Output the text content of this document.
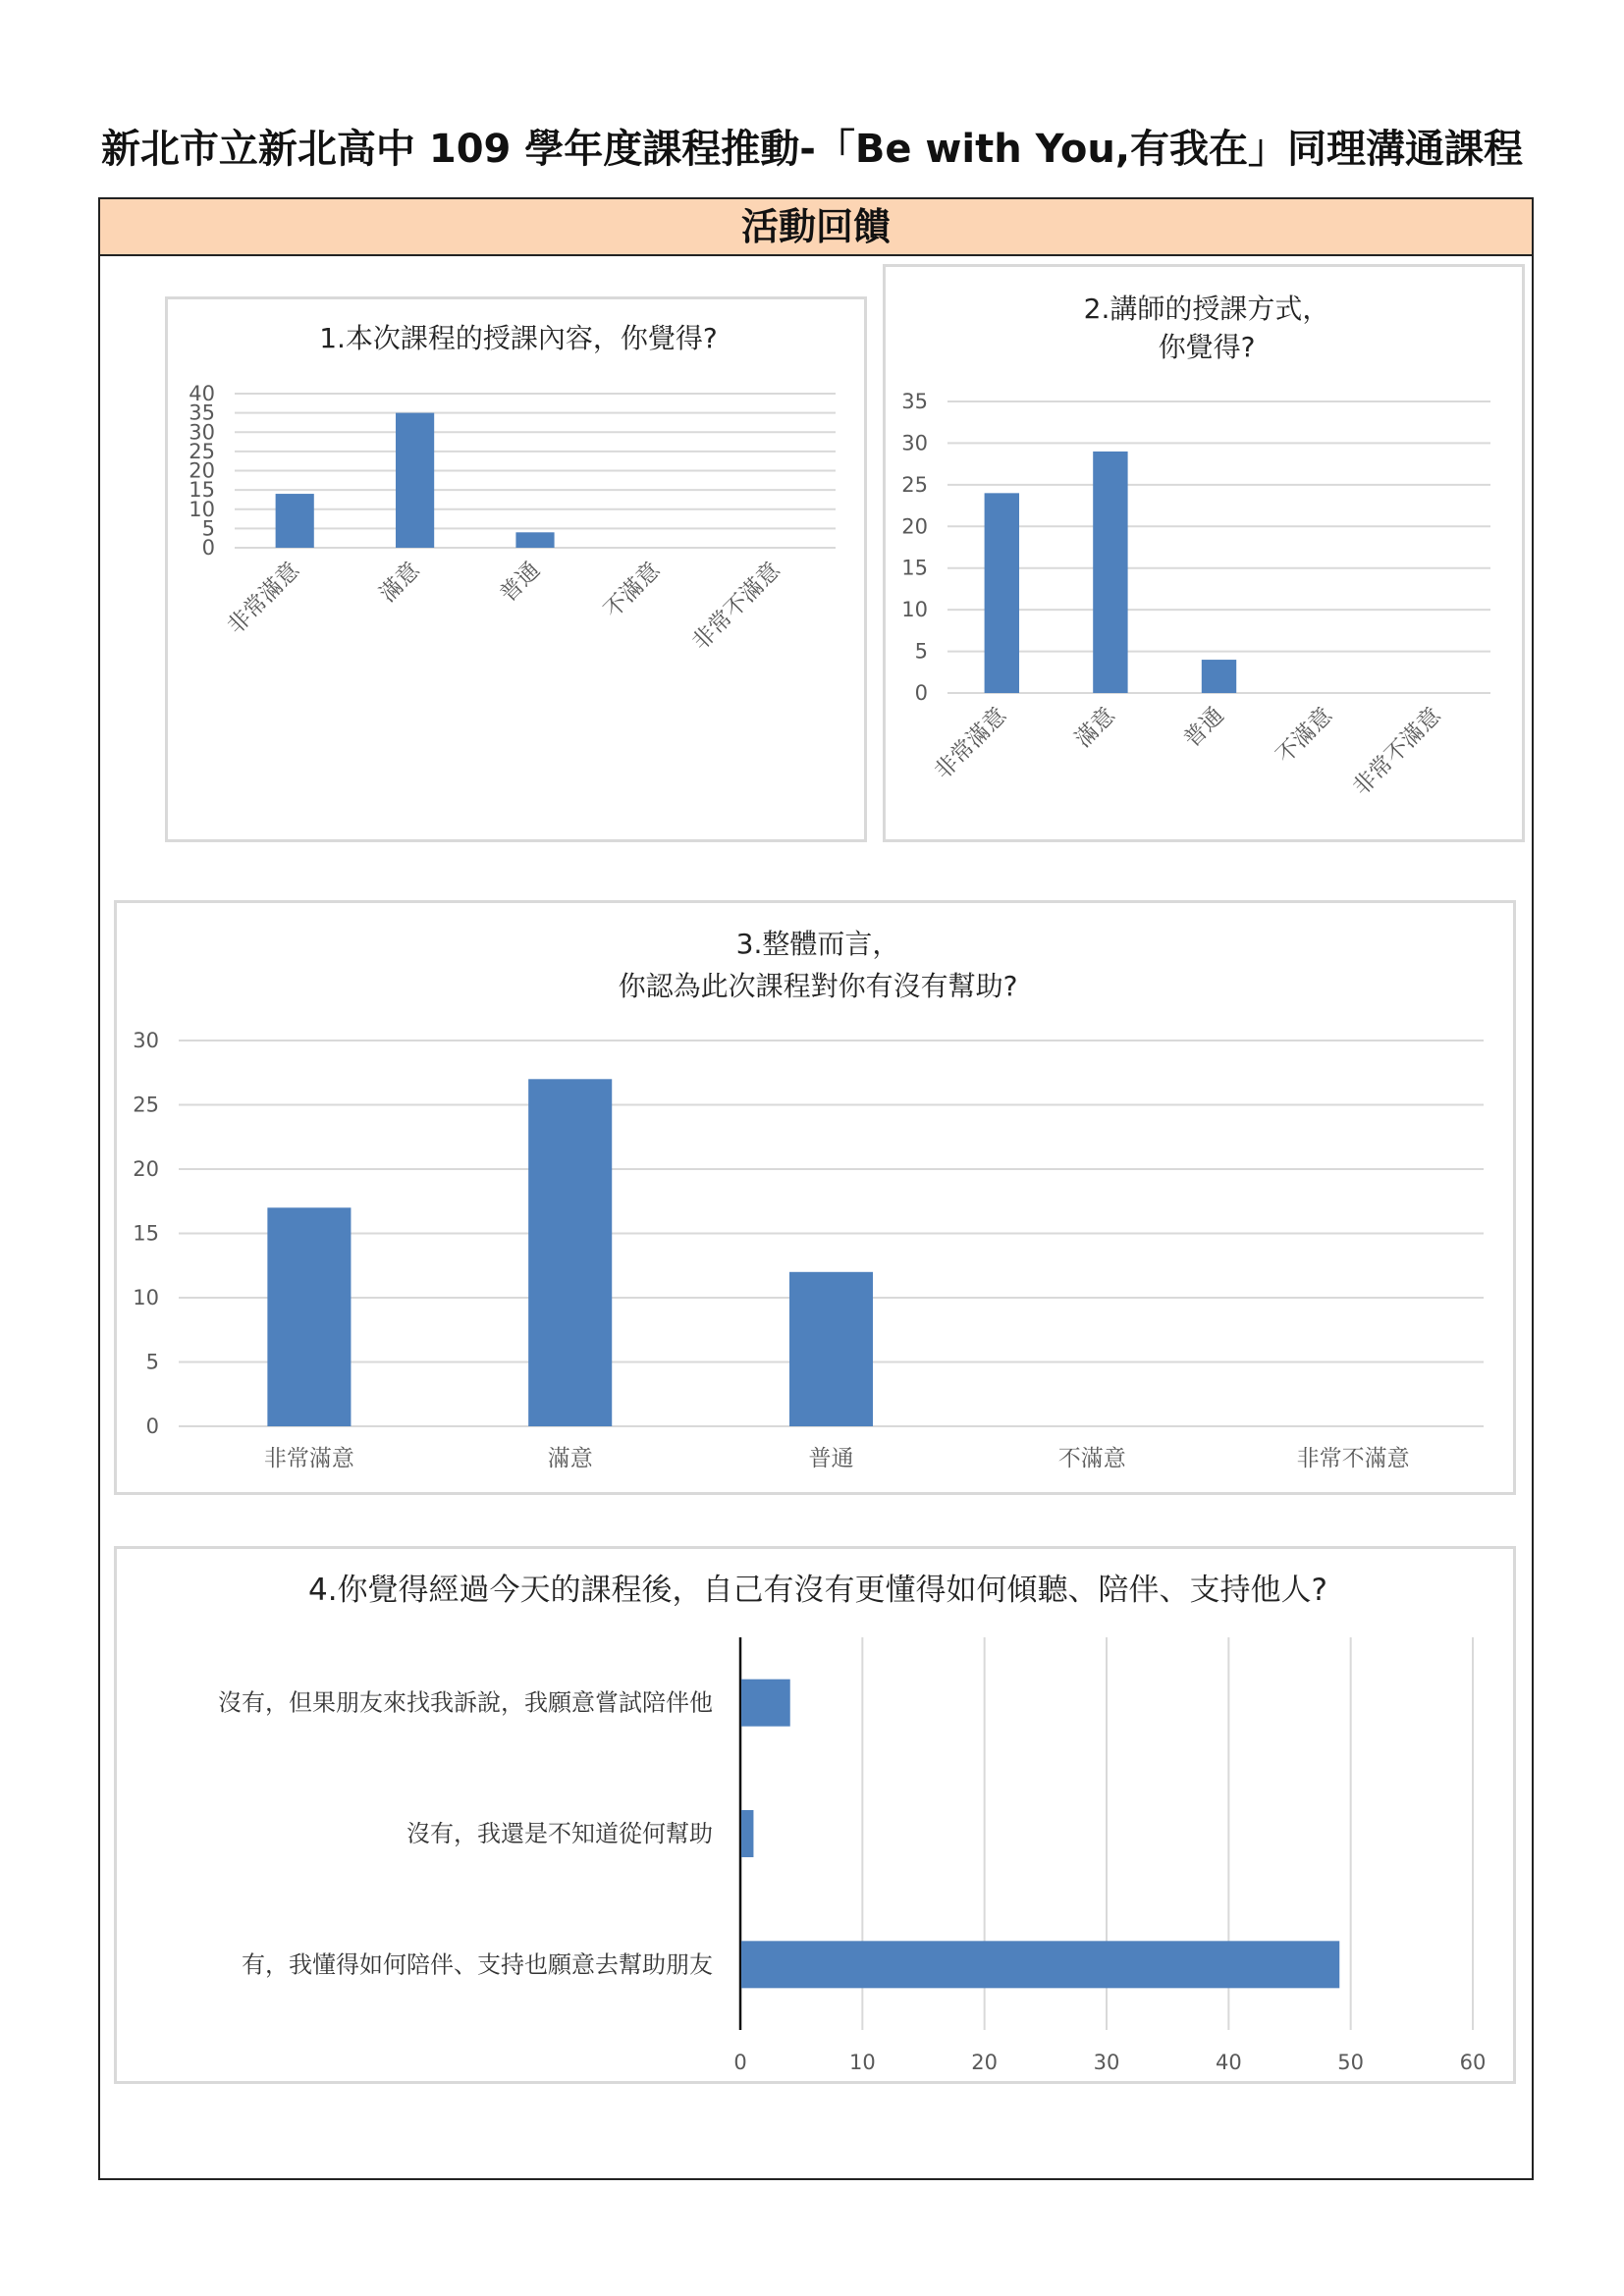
新北市立新北高中 109 學年度課程推動-「Be with You,有我在」同理溝通課程
活動回饋
1.本次課程的授課內容，你覺得?
0
5
10
15
20
25
30
35
40
非常滿意	滿意	普通 不滿意 非常不滿意
2.講師的授課方式，
你覺得?
0
5
10
15
20
25
30
35
非常滿意	滿意	普通 不滿意 非常不滿意
3.整體而言，
你認為此次課程對你有沒有幫助?
0
5
10
15
20
25
30
非常滿意	滿意	普通	不滿意	非常不滿意
4.你覺得經過今天的課程後，自己有沒有更懂得如何傾聽、陪伴、支持他人?
0	10	20	30	40	50	60
沒有，但果朋友來找我訴說，我願意嘗試陪伴他
沒有，我還是不知道從何幫助
有，我懂得如何陪伴、支持也願意去幫助朋友
